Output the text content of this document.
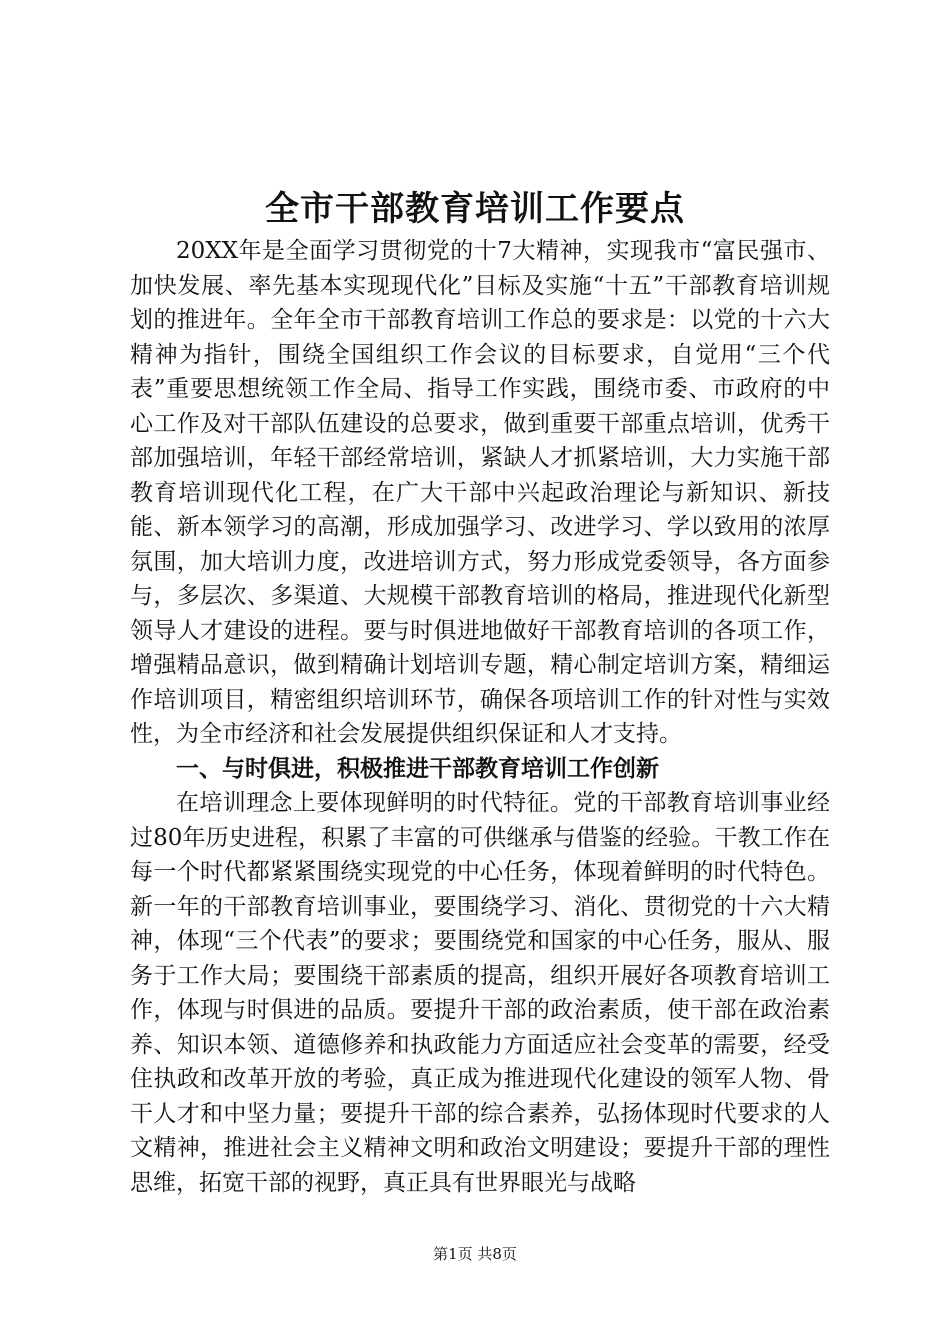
全市干部教育培训工作要点

20XX年是全面学习贯彻党的十7大精神，实现我市“富民强市、加快发展、率先基本实现现代化”目标及实施“十五”干部教育培训规划的推进年。全年全市干部教育培训工作总的要求是：以党的十六大精神为指针，围绕全国组织工作会议的目标要求，自觉用“三个代表”重要思想统领工作全局、指导工作实践，围绕市委、市政府的中心工作及对干部队伍建设的总要求，做到重要干部重点培训，优秀干部加强培训，年轻干部经常培训，紧缺人才抓紧培训，大力实施干部教育培训现代化工程，在广大干部中兴起政治理论与新知识、新技能、新本领学习的高潮，形成加强学习、改进学习、学以致用的浓厚氛围，加大培训力度，改进培训方式，努力形成党委领导，各方面参与，多层次、多渠道、大规模干部教育培训的格局，推进现代化新型领导人才建设的进程。要与时俱进地做好干部教育培训的各项工作，增强精品意识，做到精确计划培训专题，精心制定培训方案，精细运作培训项目，精密组织培训环节，确保各项培训工作的针对性与实效性，为全市经济和社会发展提供组织保证和人才支持。

一、与时俱进，积极推进干部教育培训工作创新

在培训理念上要体现鲜明的时代特征。党的干部教育培训事业经过80年历史进程，积累了丰富的可供继承与借鉴的经验。干教工作在每一个时代都紧紧围绕实现党的中心任务，体现着鲜明的时代特色。新一年的干部教育培训事业，要围绕学习、消化、贯彻党的十六大精神，体现“三个代表”的要求；要围绕党和国家的中心任务，服从、服务于工作大局；要围绕干部素质的提高，组织开展好各项教育培训工作，体现与时俱进的品质。要提升干部的政治素质，使干部在政治素养、知识本领、道德修养和执政能力方面适应社会变革的需要，经受住执政和改革开放的考验，真正成为推进现代化建设的领军人物、骨干人才和中坚力量；要提升干部的综合素养，弘扬体现时代要求的人文精神，推进社会主义精神文明和政治文明建设；要提升干部的理性思维，拓宽干部的视野，真正具有世界眼光与战略

第1页 共8页
